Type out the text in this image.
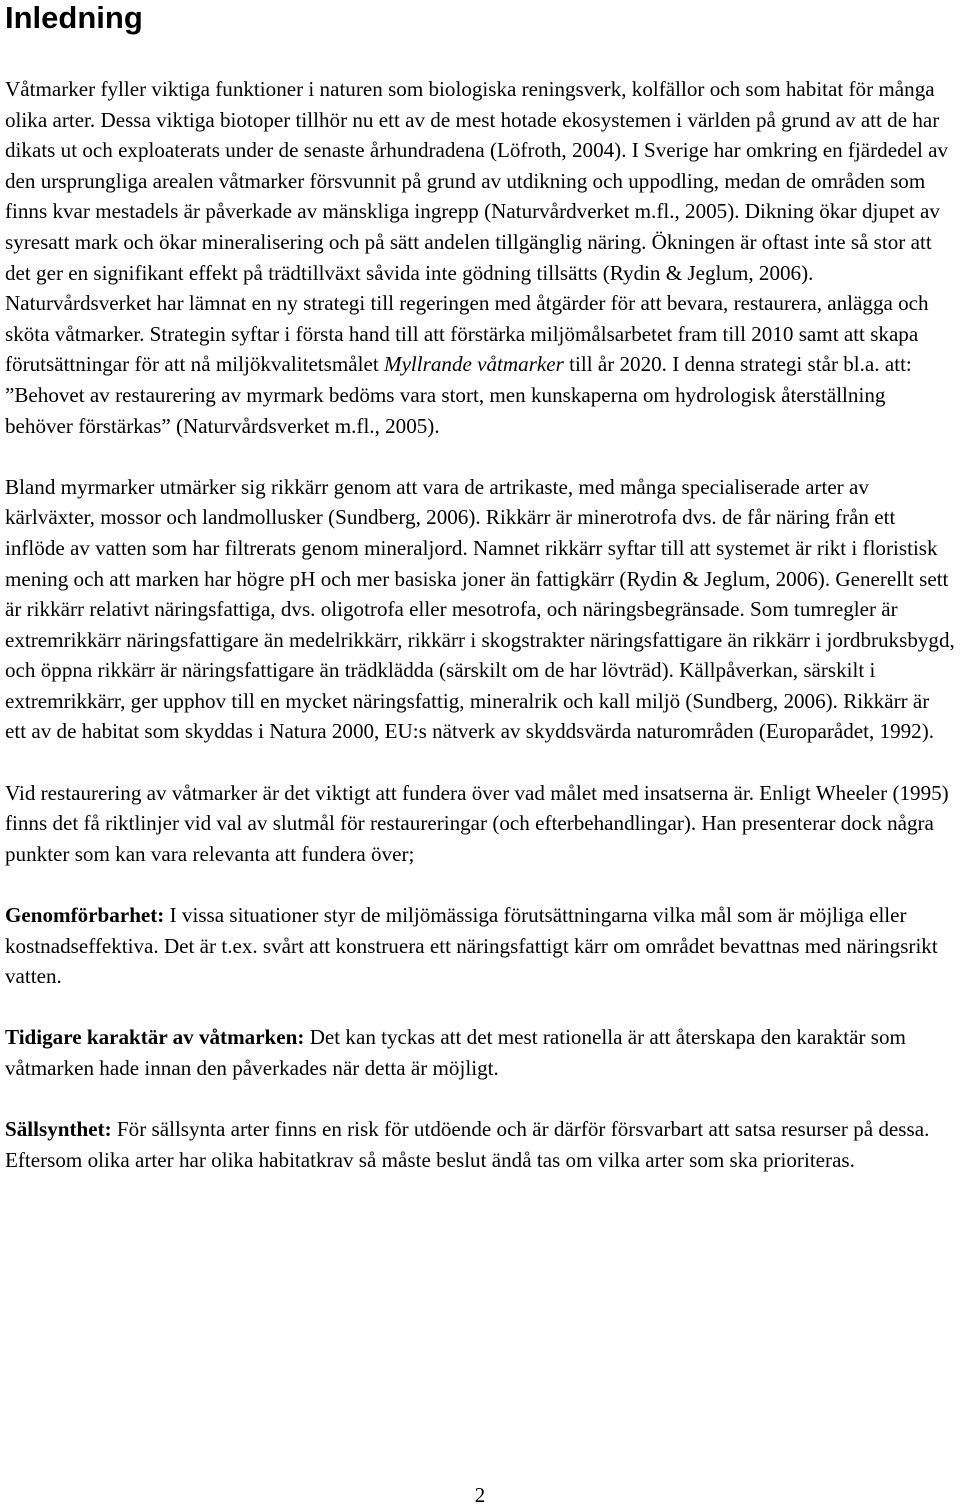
Inledning

Våtmarker fyller viktiga funktioner i naturen som biologiska reningsverk, kolfällor och som habitat för många olika arter. Dessa viktiga biotoper tillhör nu ett av de mest hotade ekosystemen i världen på grund av att de har dikats ut och exploaterats under de senaste århundradena (Löfroth, 2004). I Sverige har omkring en fjärdedel av den ursprungliga arealen våtmarker försvunnit på grund av utdikning och uppodling, medan de områden som finns kvar mestadels är påverkade av mänskliga ingrepp (Naturvårdverket m.fl., 2005). Dikning ökar djupet av syresatt mark och ökar mineralisering och på sätt andelen tillgänglig näring. Ökningen är oftast inte så stor att det ger en signifikant effekt på trädtillväxt såvida inte gödning tillsätts (Rydin & Jeglum, 2006). Naturvårdsverket har lämnat en ny strategi till regeringen med åtgärder för att bevara, restaurera, anlägga och sköta våtmarker. Strategin syftar i första hand till att förstärka miljömålsarbetet fram till 2010 samt att skapa förutsättningar för att nå miljökvalitetsmålet Myllrande våtmarker till år 2020. I denna strategi står bl.a. att: ”Behovet av restaurering av myrmark bedöms vara stort, men kunskaperna om hydrologisk återställning behöver förstärkas” (Naturvårdsverket m.fl., 2005).

Bland myrmarker utmärker sig rikkärr genom att vara de artrikaste, med många specialiserade arter av kärlväxter, mossor och landmollusker (Sundberg, 2006). Rikkärr är minerotrofa dvs. de får näring från ett inflöde av vatten som har filtrerats genom mineraljord. Namnet rikkärr syftar till att systemet är rikt i floristisk mening och att marken har högre pH och mer basiska joner än fattigkärr (Rydin & Jeglum, 2006). Generellt sett är rikkärr relativt näringsfattiga, dvs. oligotrofa eller mesotrofa, och näringsbegränsade. Som tumregler är extremrikkärr näringsfattigare än medelrikkärr, rikkärr i skogstrakter näringsfattigare än rikkärr i jordbruksbygd, och öppna rikkärr är näringsfattigare än trädklädda (särskilt om de har lövträd). Källpåverkan, särskilt i extremrikkärr, ger upphov till en mycket näringsfattig, mineralrik och kall miljö (Sundberg, 2006). Rikkärr är ett av de habitat som skyddas i Natura 2000, EU:s nätverk av skyddsvärda naturområden (Europarådet, 1992).

Vid restaurering av våtmarker är det viktigt att fundera över vad målet med insatserna är. Enligt Wheeler (1995) finns det få riktlinjer vid val av slutmål för restaureringar (och efterbehandlingar). Han presenterar dock några punkter som kan vara relevanta att fundera över;

Genomförbarhet: I vissa situationer styr de miljömässiga förutsättningarna vilka mål som är möjliga eller kostnadseffektiva. Det är t.ex. svårt att konstruera ett näringsfattigt kärr om området bevattnas med näringsrikt vatten.

Tidigare karaktär av våtmarken: Det kan tyckas att det mest rationella är att återskapa den karaktär som våtmarken hade innan den påverkades när detta är möjligt.

Sällsynthet: För sällsynta arter finns en risk för utdöende och är därför försvarbart att satsa resurser på dessa. Eftersom olika arter har olika habitatkrav så måste beslut ändå tas om vilka arter som ska prioriteras.

2
